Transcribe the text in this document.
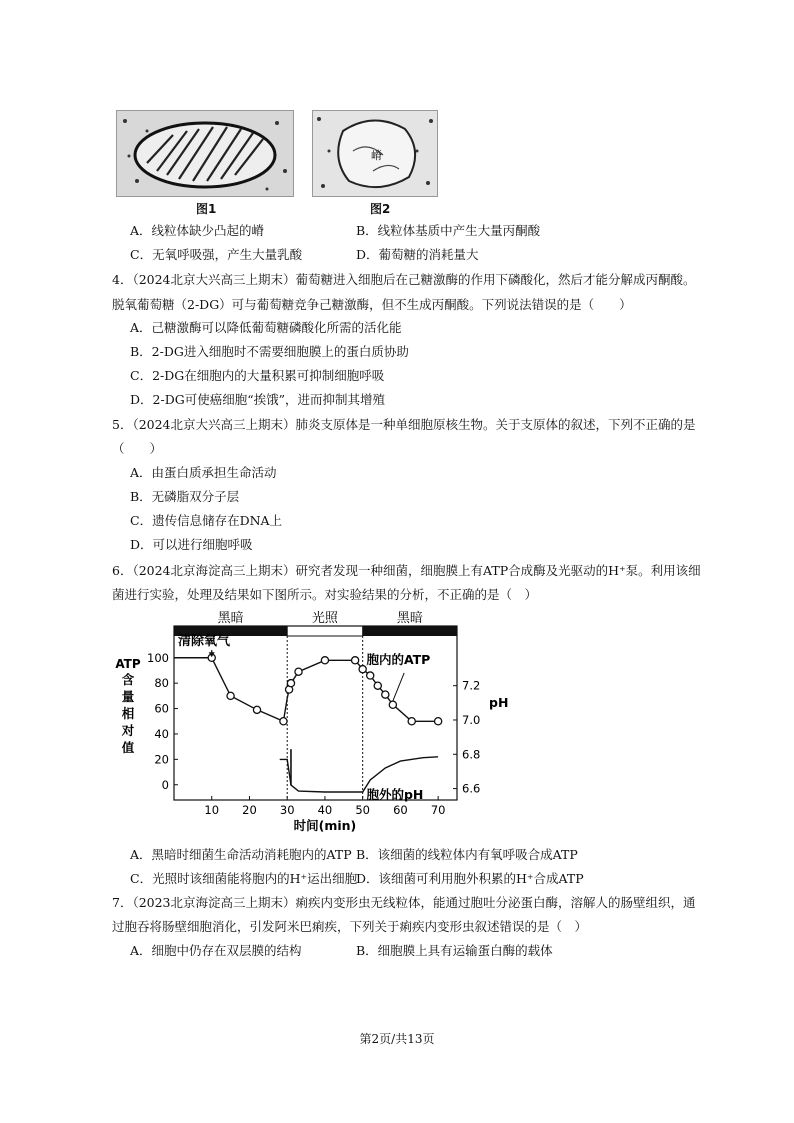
图1
嵴
图2
A．线粒体缺少凸起的嵴	B．线粒体基质中产生大量丙酮酸
C．无氧呼吸强，产生大量乳酸	D．葡萄糖的消耗量大
4．（2024北京大兴高三上期末）葡萄糖进入细胞后在己糖激酶的作用下磷酸化，然后才能分解成丙酮酸。
脱氧葡萄糖（2-DG）可与葡萄糖竞争己糖激酶，但不生成丙酮酸。下列说法错误的是（　　）
A．己糖激酶可以降低葡萄糖磷酸化所需的活化能
B．2-DG进入细胞时不需要细胞膜上的蛋白质协助
C．2-DG在细胞内的大量积累可抑制细胞呼吸
D．2-DG可使癌细胞“挨饿”，进而抑制其增殖
5．（2024北京大兴高三上期末）肺炎支原体是一种单细胞原核生物。关于支原体的叙述，下列不正确的是
（　　）
A．由蛋白质承担生命活动
B．无磷脂双分子层
C．遗传信息储存在DNA上
D．可以进行细胞呼吸
6．（2024北京海淀高三上期末）研究者发现一种细菌，细胞膜上有ATP合成酶及光驱动的H⁺泵。利用该细
菌进行实验，处理及结果如下图所示。对实验结果的分析，不正确的是（　）
黑暗	光照	黑暗
10 20 30 40 50 60 70
时间(min)
0
20
40
60
80
100
ATP
含
量
相
对
值
6.6
6.8
7.0
7.2
pH
胞内的ATP
胞外的pH
清除氧气
A．黑暗时细菌生命活动消耗胞内的ATP B．该细菌的线粒体内有氧呼吸合成ATP
C．光照时该细菌能将胞内的H⁺运出细胞
D．该细菌可利用胞外积累的H⁺合成ATP
7．（2023北京海淀高三上期末）痢疾内变形虫无线粒体，能通过胞吐分泌蛋白酶，溶解人的肠壁组织，通
过胞吞将肠壁细胞消化，引发阿米巴痢疾，下列关于痢疾内变形虫叙述错误的是（　）
A．细胞中仍存在双层膜的结构	B．细胞膜上具有运输蛋白酶的载体
第2页/共13页
